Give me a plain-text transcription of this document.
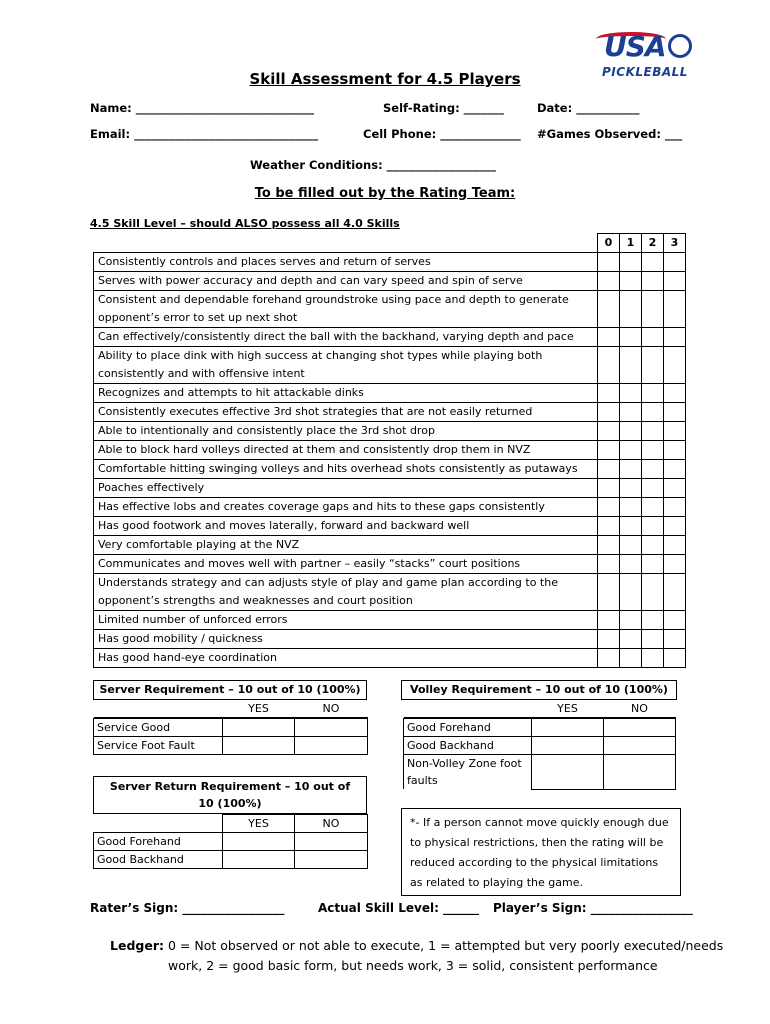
USA
PICKLEBALL
Skill Assessment for 4.5 Players
Name: _______________________________	Self-Rating: _______	Date: ___________
Email: ________________________________	Cell Phone: ______________ #Games Observed: ___
Weather Conditions: ___________________
To be filled out by the Rating Team:
4.5 Skill Level – should ALSO possess all 4.0 Skills
	0	1	2	3
Consistently controls and places serves and return of serves				
Serves with power accuracy and depth and can vary speed and spin of serve				
Consistent and dependable forehand groundstroke using pace and depth to generate opponent’s error to set up next shot				
Can effectively/consistently direct the ball with the backhand, varying depth and pace				
Ability to place dink with high success at changing shot types while playing both consistently and with offensive intent				
Recognizes and attempts to hit attackable dinks				
Consistently executes effective 3rd shot strategies that are not easily returned				
Able to intentionally and consistently place the 3rd shot drop				
Able to block hard volleys directed at them and consistently drop them in NVZ				
Comfortable hitting swinging volleys and hits overhead shots consistently as putaways				
Poaches effectively				
Has effective lobs and creates coverage gaps and hits to these gaps consistently				
Has good footwork and moves laterally, forward and backward well				
Very comfortable playing at the NVZ				
Communicates and moves well with partner – easily “stacks” court positions				
Understands strategy and can adjusts style of play and game plan according to the opponent’s strengths and weaknesses and court position				
Limited number of unforced errors				
Has good mobility / quickness				
Has good hand-eye coordination				
Server Requirement – 10 out of 10 (100%)
	YES	NO

Service Good		
Service Foot Fault		
Server Return Requirement – 10 out of 10 (100%)
	YES	NO
Good Forehand		
Good Backhand		
Volley Requirement – 10 out of 10 (100%)
	YES	NO

Good Forehand		
Good Backhand		
Non-Volley Zone foot faults		
*- If a person cannot move quickly enough due to physical restrictions, then the rating will be reduced according to the physical limitations as related to playing the game.
Rater’s Sign: _________________	Actual Skill Level: ______ Player’s Sign: _________________
Ledger: 0 = Not observed or not able to execute, 1 = attempted but very poorly executed/needs
work, 2 = good basic form, but needs work, 3 = solid, consistent performance
